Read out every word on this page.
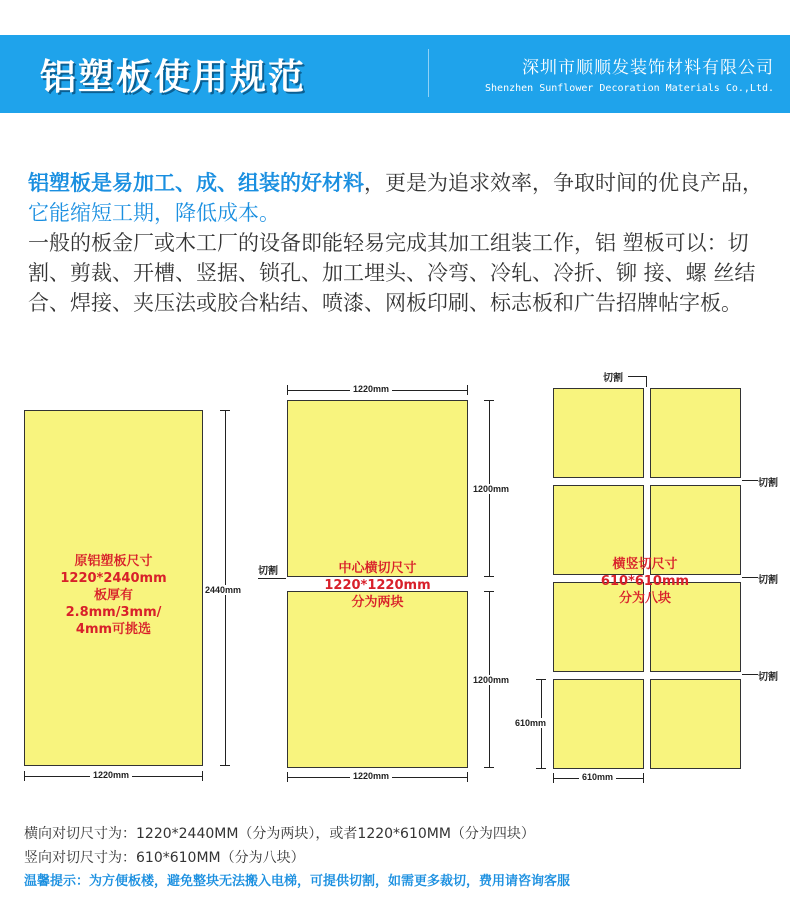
铝塑板使用规范	深圳市顺顺发装饰材料有限公司
Shenzhen Sunflower Decoration Materials Co.,Ltd.
铝塑板是易加工、成、组装的好材料，更是为追求效率，争取时间的优良产品，它能缩短工期，降低成本。
一般的板金厂或木工厂的设备即能轻易完成其加工组装工作，铝 塑板可以：切割、剪裁、开槽、竖据、锁孔、加工埋头、冷弯、冷轧、冷折、铆 接、螺 丝结合、焊接、夹压法或胶合粘结、喷漆、网板印刷、标志板和广告招牌帖字板。
原铝塑板尺寸
1220*2440mm
板厚有
2.8mm/3mm/
4mm可挑选
2440mm
1220mm
1220mm
中心横切尺寸
1220*1220mm
分为两块
切割
1200mm
1200mm
1220mm
切割
横竖切尺寸
610*610mm
分为八块
切割
切割
切割
610mm
610mm
横向对切尺寸为：1220*2440MM（分为两块），或者1220*610MM（分为四块）
竖向对切尺寸为：610*610MM（分为八块）
温馨提示：为方便板楼，避免整块无法搬入电梯，可提供切割，如需更多裁切，费用请咨询客服
